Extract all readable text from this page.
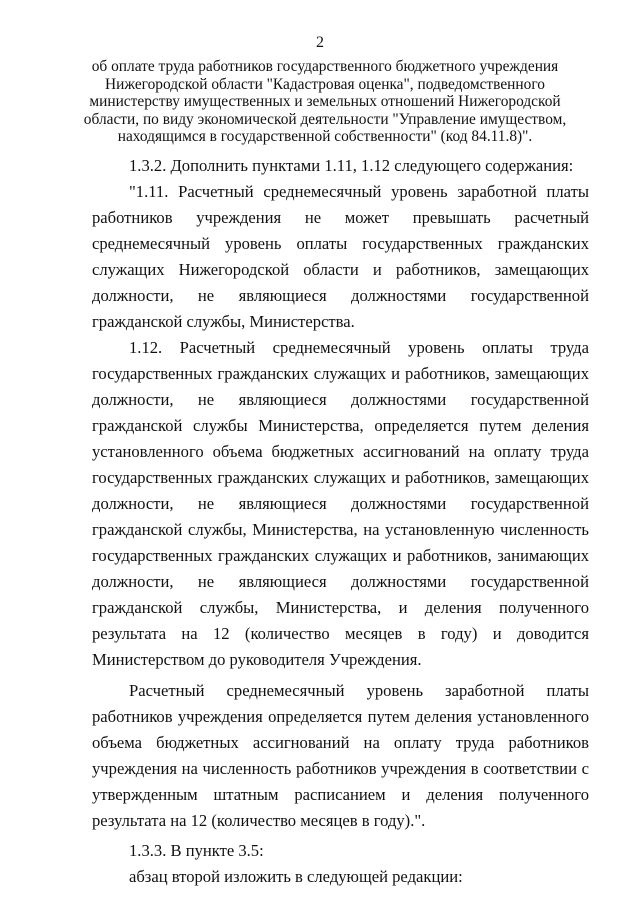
2
об оплате труда работников государственного бюджетного учреждения
Нижегородской области "Кадастровая оценка", подведомственного
министерству имущественных и земельных отношений Нижегородской
области, по виду экономической деятельности "Управление имуществом,
находящимся в государственной собственности" (код 84.11.8)".

1.3.2. Дополнить пунктами 1.11, 1.12 следующего содержания:

"1.11. Расчетный среднемесячный уровень заработной платы работников учреждения не может превышать расчетный среднемесячный уровень оплаты государственных гражданских служащих Нижегородской области и работников, замещающих должности, не являющиеся должностями государственной гражданской службы, Министерства.

1.12. Расчетный среднемесячный уровень оплаты труда государственных гражданских служащих и работников, замещающих должности, не являющиеся должностями государственной гражданской службы Министерства, определяется путем деления установленного объема бюджетных ассигнований на оплату труда государственных гражданских служащих и работников, замещающих должности, не являющиеся должностями государственной гражданской службы, Министерства, на установленную численность государственных гражданских служащих и работников, занимающих должности, не являющиеся должностями государственной гражданской службы, Министерства, и деления полученного результата на 12 (количество месяцев в году) и доводится Министерством до руководителя Учреждения.

Расчетный среднемесячный уровень заработной платы работников учреждения определяется путем деления установленного объема бюджетных ассигнований на оплату труда работников учреждения на численность работников учреждения в соответствии с утвержденным штатным расписанием и деления полученного результата на 12 (количество месяцев в году).".

1.3.3. В пункте 3.5:

абзац второй изложить в следующей редакции:
